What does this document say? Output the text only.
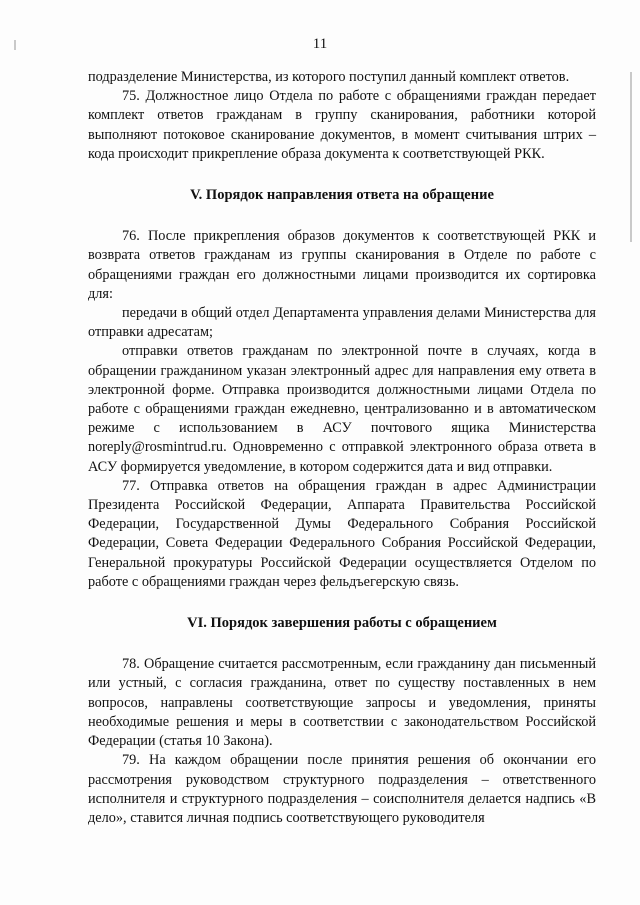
11

подразделение Министерства, из которого поступил данный комплект ответов.

75. Должностное лицо Отдела по работе с обращениями граждан передает комплект ответов гражданам в группу сканирования, работники которой выполняют потоковое сканирование документов, в момент считывания штрих – кода происходит прикрепление образа документа к соответствующей РКК.

V. Порядок направления ответа на обращение

76. После прикрепления образов документов к соответствующей РКК и возврата ответов гражданам из группы сканирования в Отделе по работе с обращениями граждан его должностными лицами производится их сортировка для:

передачи в общий отдел Департамента управления делами Министерства для отправки адресатам;

отправки ответов гражданам по электронной почте в случаях, когда в обращении гражданином указан электронный адрес для направления ему ответа в электронной форме. Отправка производится должностными лицами Отдела по работе с обращениями граждан ежедневно, централизованно и в автоматическом режиме с использованием в АСУ почтового ящика Министерства noreply@rosmintrud.ru. Одновременно с отправкой электронного образа ответа в АСУ формируется уведомление, в котором содержится дата и вид отправки.

77. Отправка ответов на обращения граждан в адрес Администрации Президента Российской Федерации, Аппарата Правительства Российской Федерации, Государственной Думы Федерального Собрания Российской Федерации, Совета Федерации Федерального Собрания Российской Федерации, Генеральной прокуратуры Российской Федерации осуществляется Отделом по работе с обращениями граждан через фельдъегерскую связь.

VI. Порядок завершения работы с обращением

78. Обращение считается рассмотренным, если гражданину дан письменный или устный, с согласия гражданина, ответ по существу поставленных в нем вопросов, направлены соответствующие запросы и уведомления, приняты необходимые решения и меры в соответствии с законодательством Российской Федерации (статья 10 Закона).

79. На каждом обращении после принятия решения об окончании его рассмотрения руководством структурного подразделения – ответственного исполнителя и структурного подразделения – соисполнителя делается надпись «В дело», ставится личная подпись соответствующего руководителя
